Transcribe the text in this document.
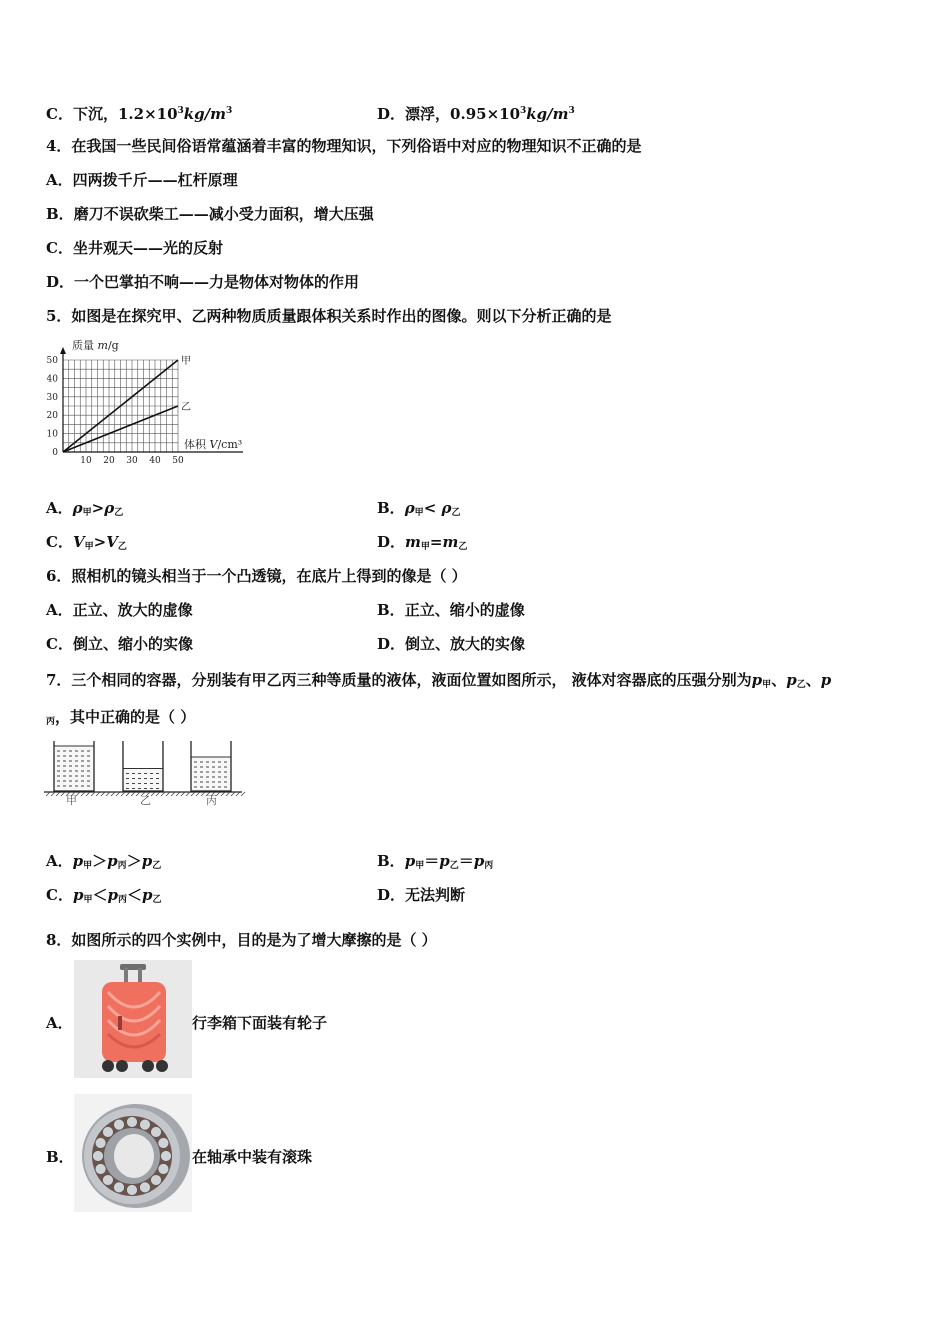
C．下沉，$1.2\times 10^3kg/m^3$	D．漂浮，$0.95\times 10^3kg/m^3$
4．在我国一些民间俗语常蕴涵着丰富的物理知识，下列俗语中对应的物理知识不正确的是
A．四两拨千斤——杠杆原理
B．磨刀不误砍柴工——减小受力面积，增大压强
C．坐井观天——光的反射
D．一个巴掌拍不响——力是物体对物体的作用
5．如图是在探究甲、乙两种物质质量跟体积关系时作出的图像。则以下分析正确的是
10 20 30 40 50
0
10
20
30
40
50	甲
乙
质量 m/g
体积 V/cm³
A．$\rho_甲>\rho_乙$	B．$\rho_甲< \rho_乙$
C．$V_甲>V_乙$	D．$m_甲=m_乙$
6．照相机的镜头相当于一个凸透镜，在底片上得到的像是（ ）
A．正立、放大的虚像	B．正立、缩小的虚像
C．倒立、缩小的实像	D．倒立、放大的实像
7．三个相同的容器，分别装有甲乙丙三种等质量的液体，液面位置如图所示， 液体对容器底的压强分别为$p_甲$、$p_乙$、p
$_丙$，其中正确的是（ ）
甲	乙	丙
A．$p_甲>p_丙>p_乙$	B．$p_甲=p_乙=p_丙$
C．$p_甲<p_丙<p_乙$	D．无法判断
8．如图所示的四个实例中，目的是为了增大摩擦的是（ ）
A．	行李箱下面装有轮子
B．	在轴承中装有滚珠
